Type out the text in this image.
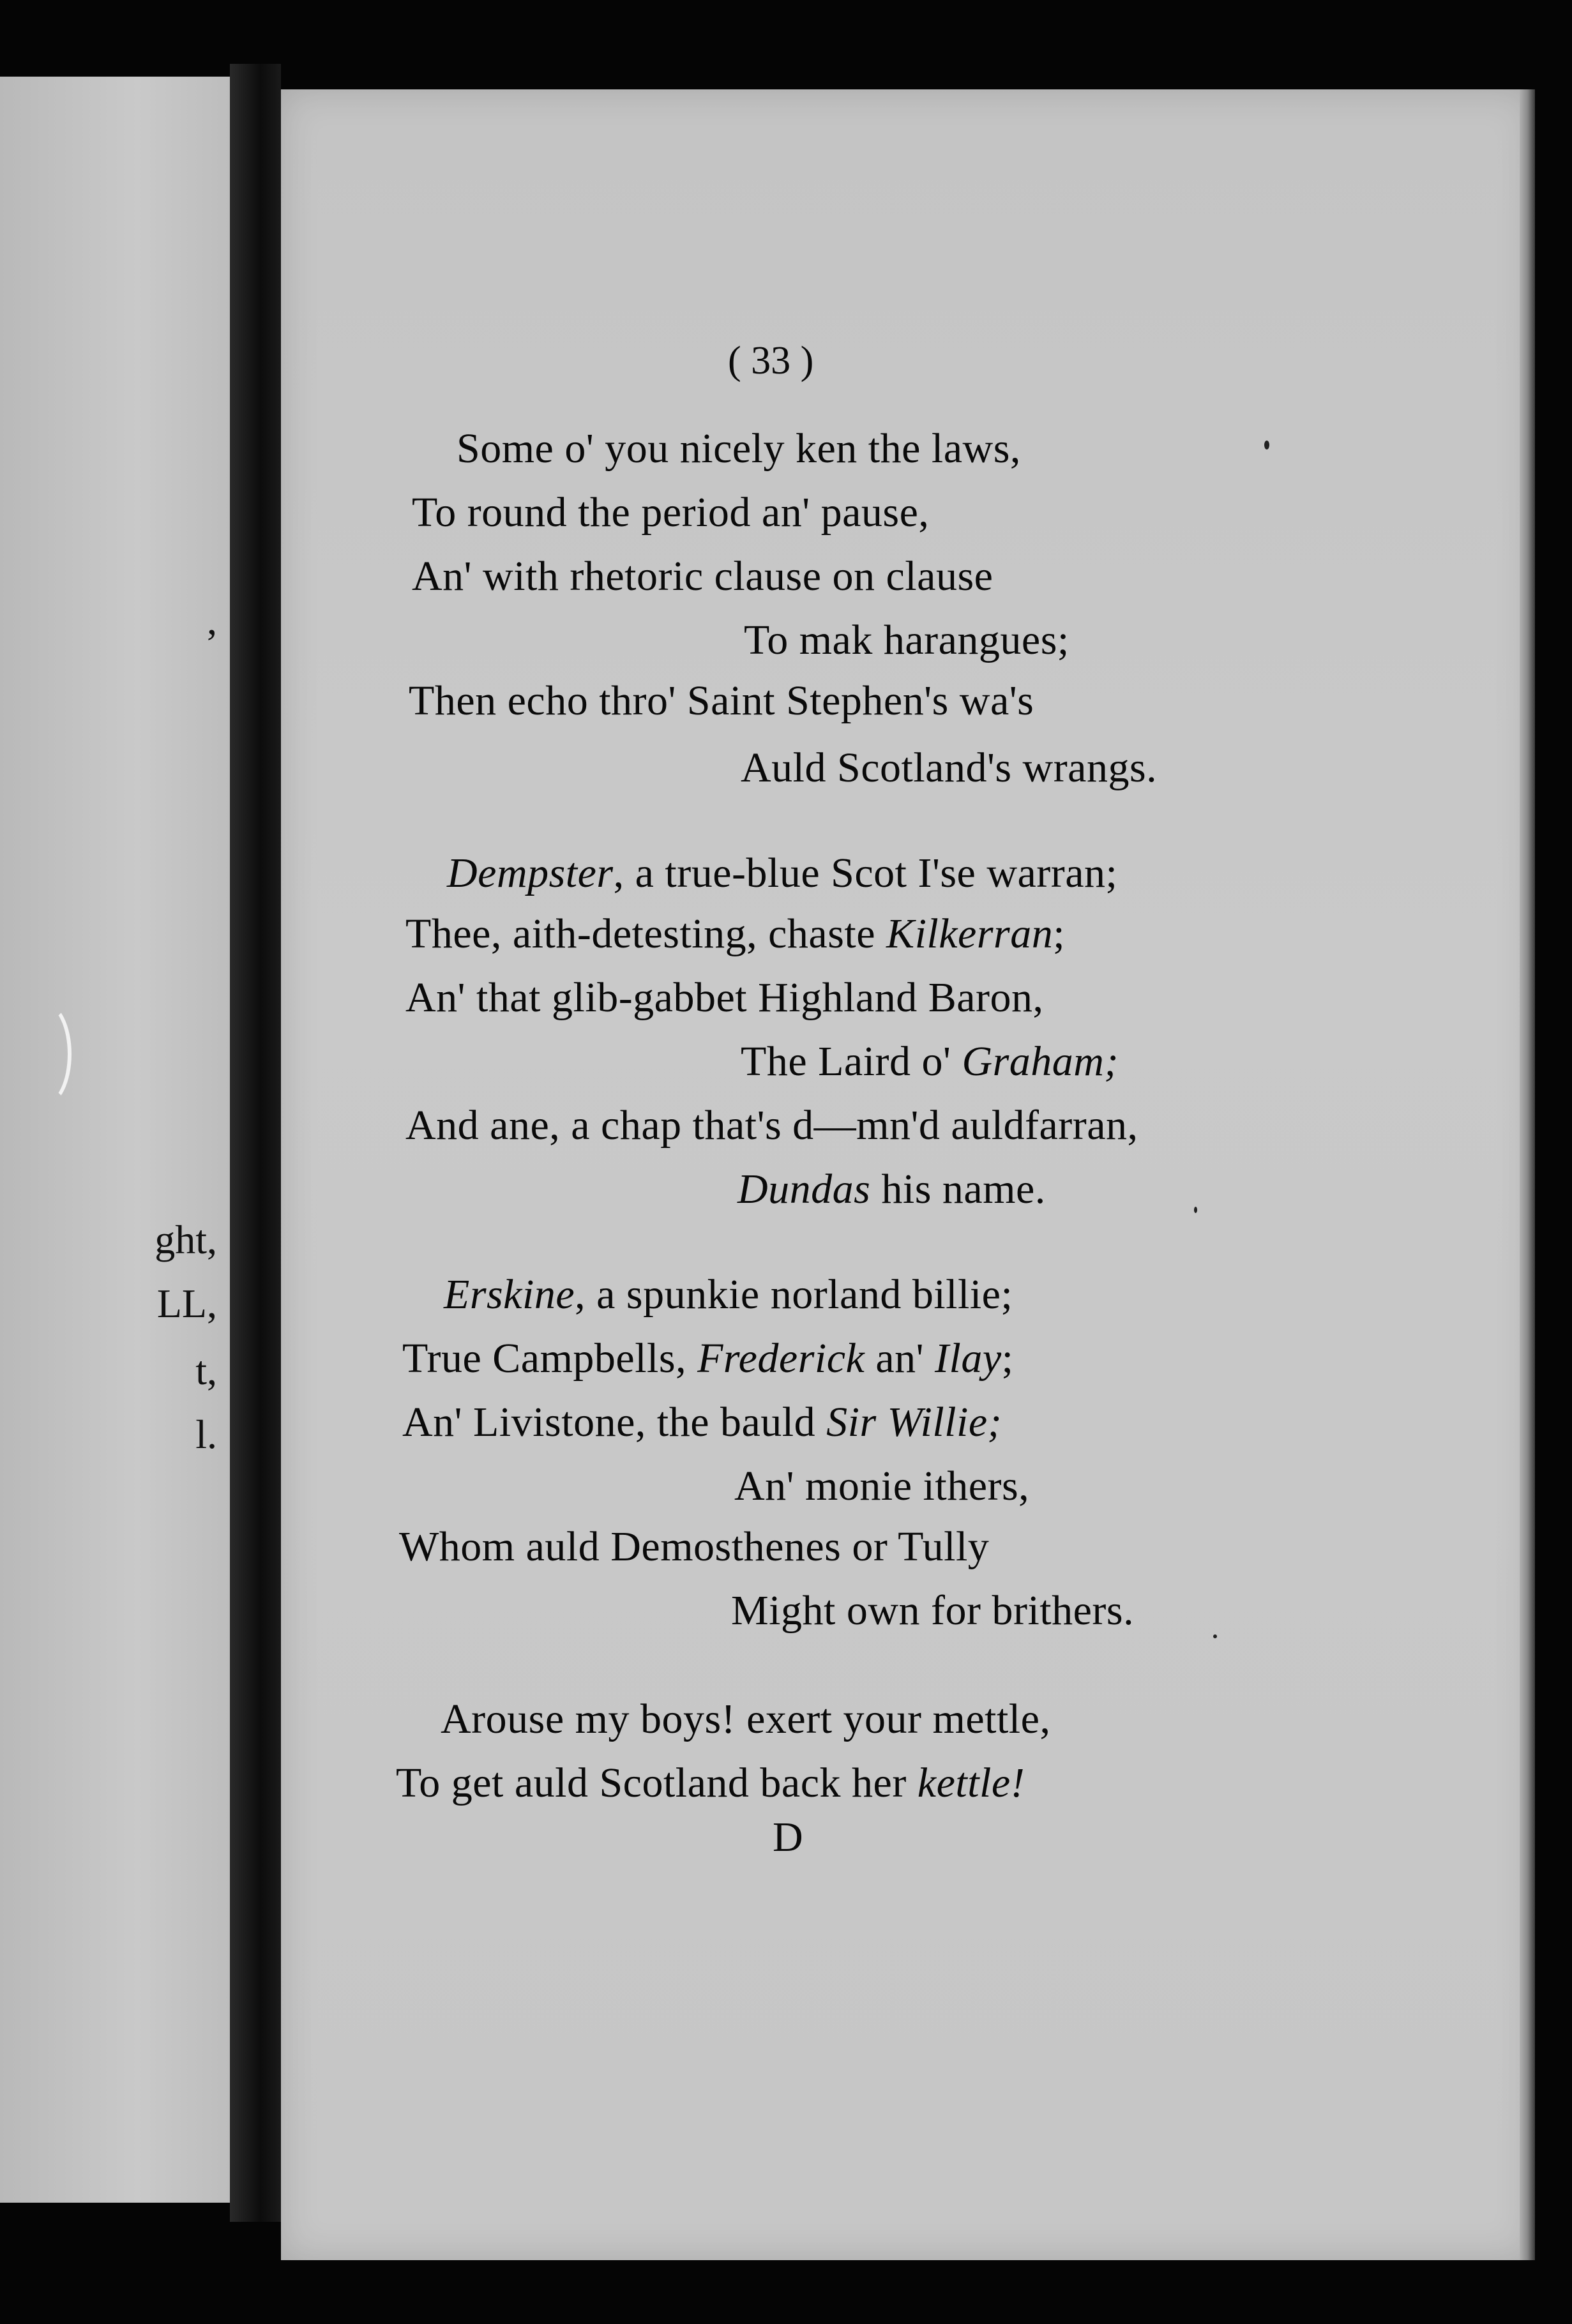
,
ght,
LL,
t,
l.
( 33 )
Some o' you nicely ken the laws,
To round the period an' pause,
An' with rhetoric clause on clause
To mak harangues;
Then echo thro' Saint Stephen's wa's
Auld Scotland's wrangs.
Dempster, a true-blue Scot I'se warran;
Thee, aith-detesting, chaste Kilkerran;
An' that glib-gabbet Highland Baron,
The Laird o' Graham;
And ane, a chap that's d—mn'd auldfarran,
Dundas his name.
Erskine, a spunkie norland billie;
True Campbells, Frederick an' Ilay;
An' Livistone, the bauld Sir Willie;
An' monie ithers,
Whom auld Demosthenes or Tully
Might own for brithers.
Arouse my boys! exert your mettle,
To get auld Scotland back her kettle!
D
